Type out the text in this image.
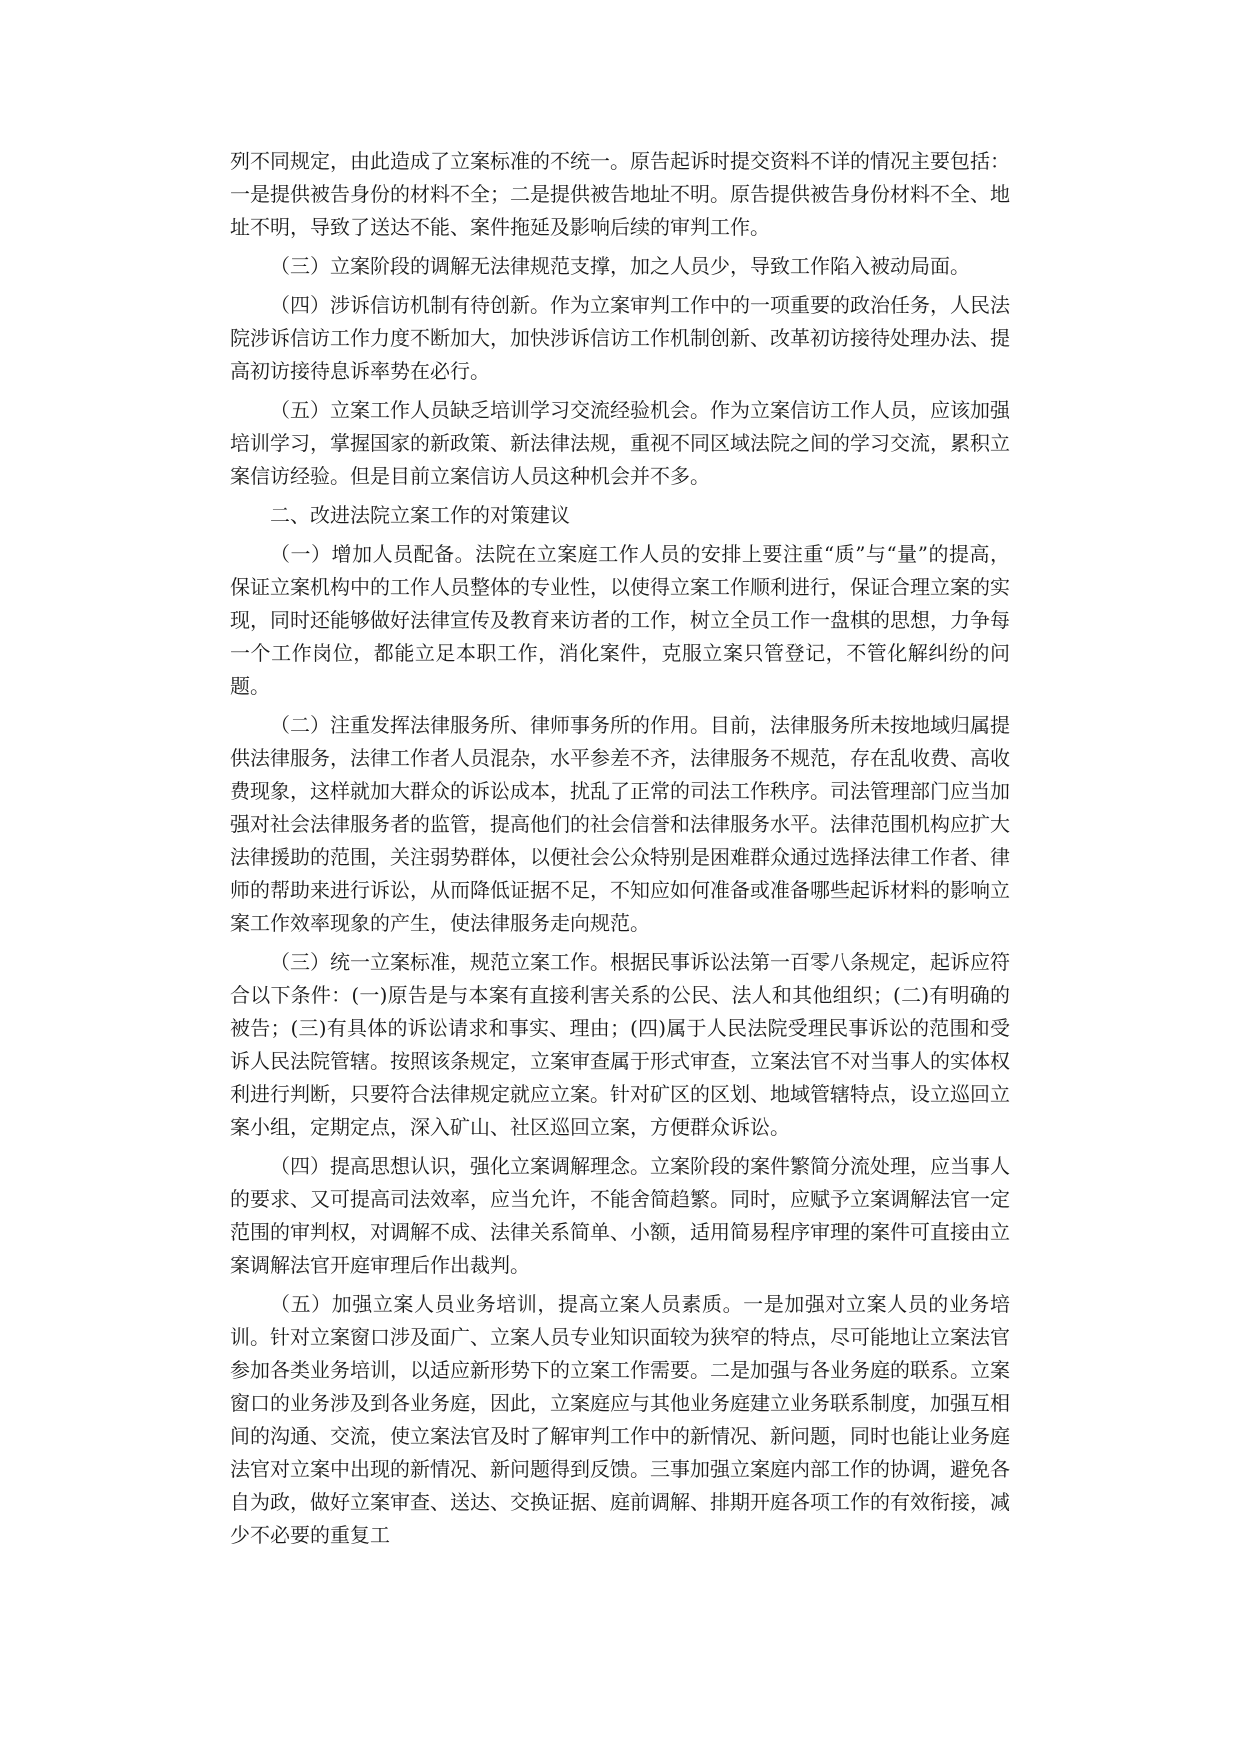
列不同规定，由此造成了立案标准的不统一。原告起诉时提交资料不详的情况主要包括：一是提供被告身份的材料不全；二是提供被告地址不明。原告提供被告身份材料不全、地址不明，导致了送达不能、案件拖延及影响后续的审判工作。

（三）立案阶段的调解无法律规范支撑，加之人员少，导致工作陷入被动局面。

（四）涉诉信访机制有待创新。作为立案审判工作中的一项重要的政治任务，人民法院涉诉信访工作力度不断加大，加快涉诉信访工作机制创新、改革初访接待处理办法、提高初访接待息诉率势在必行。

（五）立案工作人员缺乏培训学习交流经验机会。作为立案信访工作人员，应该加强培训学习，掌握国家的新政策、新法律法规，重视不同区域法院之间的学习交流，累积立案信访经验。但是目前立案信访人员这种机会并不多。

二、改进法院立案工作的对策建议

（一）增加人员配备。法院在立案庭工作人员的安排上要注重“质”与“量”的提高，保证立案机构中的工作人员整体的专业性，以使得立案工作顺利进行，保证合理立案的实现，同时还能够做好法律宣传及教育来访者的工作，树立全员工作一盘棋的思想，力争每一个工作岗位，都能立足本职工作，消化案件，克服立案只管登记，不管化解纠纷的问题。

（二）注重发挥法律服务所、律师事务所的作用。目前，法律服务所未按地域归属提供法律服务，法律工作者人员混杂，水平参差不齐，法律服务不规范，存在乱收费、高收费现象，这样就加大群众的诉讼成本，扰乱了正常的司法工作秩序。司法管理部门应当加强对社会法律服务者的监管，提高他们的社会信誉和法律服务水平。法律范围机构应扩大法律援助的范围，关注弱势群体，以便社会公众特别是困难群众通过选择法律工作者、律师的帮助来进行诉讼，从而降低证据不足，不知应如何准备或准备哪些起诉材料的影响立案工作效率现象的产生，使法律服务走向规范。

（三）统一立案标准，规范立案工作。根据民事诉讼法第一百零八条规定，起诉应符合以下条件：(一)原告是与本案有直接利害关系的公民、法人和其他组织；(二)有明确的被告；(三)有具体的诉讼请求和事实、理由；(四)属于人民法院受理民事诉讼的范围和受诉人民法院管辖。按照该条规定，立案审查属于形式审查，立案法官不对当事人的实体权利进行判断，只要符合法律规定就应立案。针对矿区的区划、地域管辖特点，设立巡回立案小组，定期定点，深入矿山、社区巡回立案，方便群众诉讼。

（四）提高思想认识，强化立案调解理念。立案阶段的案件繁简分流处理，应当事人的要求、又可提高司法效率，应当允许，不能舍简趋繁。同时，应赋予立案调解法官一定范围的审判权，对调解不成、法律关系简单、小额，适用简易程序审理的案件可直接由立案调解法官开庭审理后作出裁判。

（五）加强立案人员业务培训，提高立案人员素质。一是加强对立案人员的业务培训。针对立案窗口涉及面广、立案人员专业知识面较为狭窄的特点，尽可能地让立案法官参加各类业务培训，以适应新形势下的立案工作需要。二是加强与各业务庭的联系。立案窗口的业务涉及到各业务庭，因此，立案庭应与其他业务庭建立业务联系制度，加强互相间的沟通、交流，使立案法官及时了解审判工作中的新情况、新问题，同时也能让业务庭法官对立案中出现的新情况、新问题得到反馈。三事加强立案庭内部工作的协调，避免各自为政，做好立案审查、送达、交换证据、庭前调解、排期开庭各项工作的有效衔接，减少不必要的重复工
